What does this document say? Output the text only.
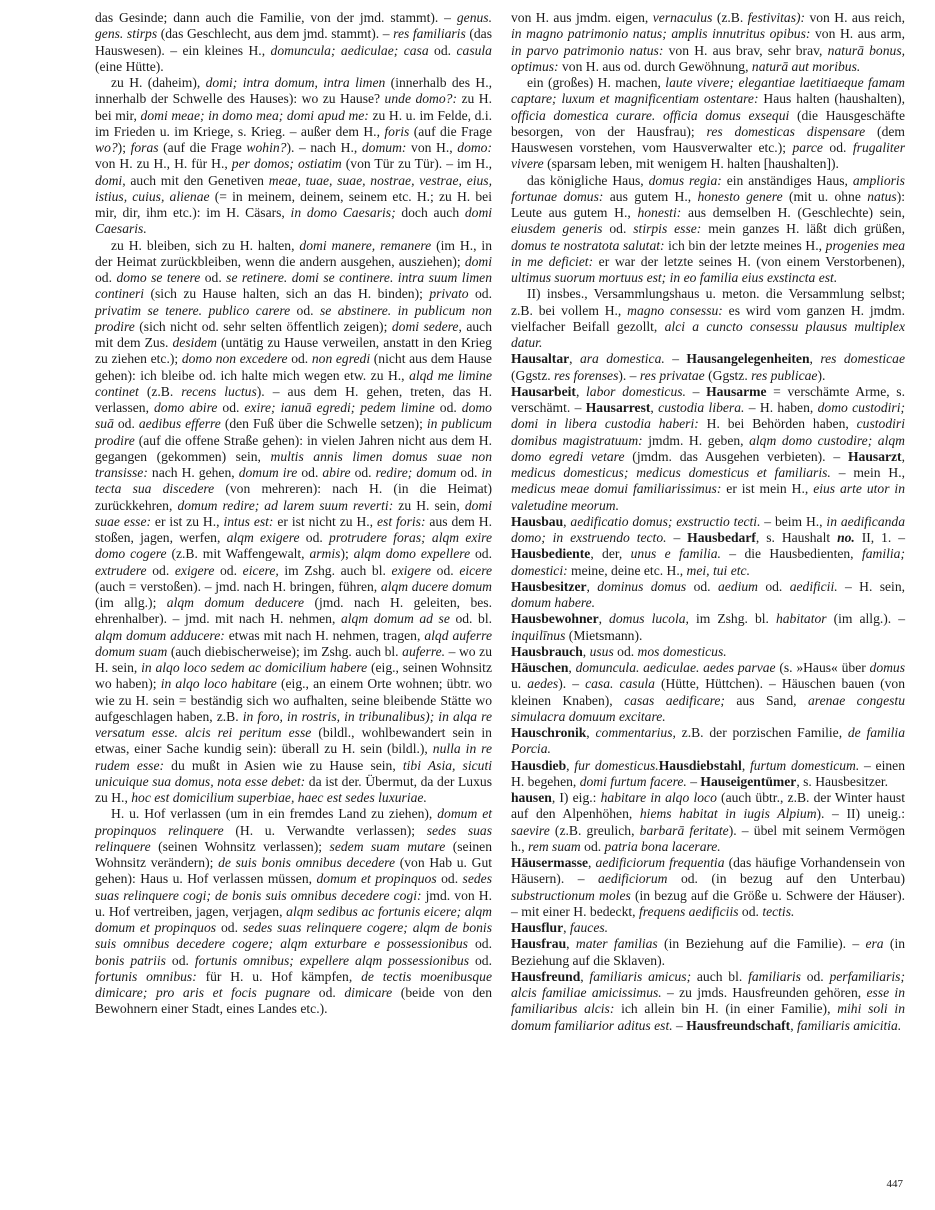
das Gesinde; dann auch die Familie, von der jmd. stammt). – genus. gens. stirps (das Geschlecht, aus dem jmd. stammt). – res familiaris (das Hauswesen). – ein kleines H., domuncula; aediculae; casa od. casula (eine Hütte).

zu H. (daheim), domi; intra domum, intra limen (innerhalb des H., innerhalb der Schwelle des Hauses): wo zu Hause? unde domo?: zu H. bei mir, domi meae; in domo mea; domi apud me: zu H. u. im Felde, d.i. im Frieden u. im Kriege, s. Krieg. – außer dem H., foris (auf die Frage wo?); foras (auf die Frage wohin?). – nach H., domum: von H., domo: von H. zu H., H. für H., per domos; ostiatim (von Tür zu Tür). – im H., domi, auch mit den Genetiven meae, tuae, suae, nostrae, vestrae, eius, istius, cuius, alienae (= in meinem, deinem, seinem etc. H.; zu H. bei mir, dir, ihm etc.): im H. Cäsars, in domo Caesaris; doch auch domi Caesaris.

zu H. bleiben, sich zu H. halten, domi manere, remanere (im H., in der Heimat zurückbleiben, wenn die andern ausgehen, ausziehen); domi od. domo se tenere od. se retinere. domi se continere. intra suum limen contineri (sich zu Hause halten, sich an das H. binden); privato od. privatim se tenere. publico carere od. se abstinere. in publicum non prodire (sich nicht od. sehr selten öffentlich zeigen); domi sedere, auch mit dem Zus. desidem (untätig zu Hause verweilen, anstatt in den Krieg zu ziehen etc.); domo non excedere od. non egredi (nicht aus dem Hause gehen): ich bleibe od. ich halte mich wegen etw. zu H., alqd me limine continet (z.B. recens luctus). – aus dem H. gehen, treten, das H. verlassen, domo abire od. exire; ianuā egredi; pedem limine od. domo suā od. aedibus efferre (den Fuß über die Schwelle setzen); in publicum prodire (auf die offene Straße gehen): in vielen Jahren nicht aus dem H. gegangen (gekommen) sein, multis annis limen domus suae non transisse: nach H. gehen, domum ire od. abire od. redire; domum od. in tecta sua discedere (von mehreren): nach H. (in die Heimat) zurückkehren, domum redire; ad larem suum reverti: zu H. sein, domi suae esse: er ist zu H., intus est: er ist nicht zu H., est foris: aus dem H. stoßen, jagen, werfen, alqm exigere od. protrudere foras; alqm exire domo cogere (z.B. mit Waffengewalt, armis); alqm domo expellere od. extrudere od. exigere od. eicere, im Zshg. auch bl. exigere od. eicere (auch = verstoßen). – jmd. nach H. bringen, führen, alqm ducere domum (im allg.); alqm domum deducere (jmd. nach H. geleiten, bes. ehrenhalber). – jmd. mit nach H. nehmen, alqm domum ad se od. bl. alqm domum adducere: etwas mit nach H. nehmen, tragen, alqd auferre domum suam (auch diebischerweise); im Zshg. auch bl. auferre. – wo zu H. sein, in alqo loco sedem ac domicilium habere (eig., seinen Wohnsitz wo haben); in alqo loco habitare (eig., an einem Orte wohnen; übtr. wo wie zu H. sein = beständig sich wo aufhalten, seine bleibende Stätte wo aufgeschlagen haben, z.B. in foro, in rostris, in tribunalibus); in alqa re versatum esse. alcis rei peritum esse (bildl., wohlbewandert sein in etwas, einer Sache kundig sein): überall zu H. sein (bildl.), nulla in re rudem esse: du mußt in Asien wie zu Hause sein, tibi Asia, sicuti unicuique sua domus, nota esse debet: da ist der. Übermut, da der Luxus zu H., hoc est domicilium superbiae, haec est sedes luxuriae.

H. u. Hof verlassen (um in ein fremdes Land zu ziehen), domum et propinquos relinquere (H. u. Verwandte verlassen); sedes suas relinquere (seinen Wohnsitz verlassen); sedem suam mutare (seinen Wohnsitz verändern); de suis bonis omnibus decedere (von Hab u. Gut gehen): Haus u. Hof verlassen müssen, domum et propinquos od. sedes suas relinquere cogi; de bonis suis omnibus decedere cogi: jmd. von H. u. Hof vertreiben, jagen, verjagen, alqm sedibus ac fortunis eicere; alqm domum et propinquos od. sedes suas relinquere cogere; alqm de bonis suis omnibus decedere cogere; alqm exturbare e possessionibus od. bonis patriis od. fortunis omnibus; expellere alqm possessionibus od. fortunis omnibus: für H. u. Hof kämpfen, de tectis moenibusque dimicare; pro aris et focis pugnare od. dimicare (beide von den Bewohnern einer Stadt, eines Landes etc.).

von H. aus jmdm. eigen, vernaculus (z.B. festivitas): von H. aus reich, in magno patrimonio natus; amplis innutritus opibus: von H. aus arm, in parvo patrimonio natus: von H. aus brav, sehr brav, naturā bonus, optimus: von H. aus od. durch Gewöhnung, naturā aut moribus.

ein (großes) H. machen, laute vivere; elegantiae laetitiaeque famam captare; luxum et magnificentiam ostentare: Haus halten (haushalten), officia domestica curare. officia domus exsequi (die Hausgeschäfte besorgen, von der Hausfrau); res domesticas dispensare (dem Hauswesen vorstehen, vom Hausverwalter etc.); parce od. frugaliter vivere (sparsam leben, mit wenigem H. halten [haushalten]).

das königliche Haus, domus regia: ein anständiges Haus, amplioris fortunae domus: aus gutem H., honesto genere (mit u. ohne natus): Leute aus gutem H., honesti: aus demselben H. (Geschlechte) sein, eiusdem generis od. stirpis esse: mein ganzes H. läßt dich grüßen, domus te nostratota salutat: ich bin der letzte meines H., progenies mea in me deficiet: er war der letzte seines H. (von einem Verstorbenen), ultimus suorum mortuus est; in eo familia eius exstincta est.

II) insbes., Versammlungshaus u. meton. die Versammlung selbst; z.B. bei vollem H., magno consessu: es wird vom ganzen H. jmdm. vielfacher Beifall gezollt, alci a cuncto consessu plausus multiplex datur.

Hausaltar, ara domestica. – Hausangelegenheiten, res domesticae (Ggstz. res forenses). – res privatae (Ggstz. res publicae).

Hausarbeit, labor domesticus. – Hausarme = verschämte Arme, s. verschämt. – Hausarrest, custodia libera. – H. haben, domo custodiri; domi in libera custodia haberi: H. bei Behörden haben, custodiri domibus magistratuum: jmdm. H. geben, alqm domo custodire; alqm domo egredi vetare (jmdm. das Ausgehen verbieten). – Hausarzt, medicus domesticus; medicus domesticus et familiaris. – mein H., medicus meae domui familiarissimus: er ist mein H., eius arte utor in valetudine meorum.

Hausbau, aedificatio domus; exstructio tecti. – beim H., in aedificanda domo; in exstruendo tecto. – Hausbedarf, s. Haushalt no. II, 1. – Hausbediente, der, unus e familia. – die Hausbedienten, familia; domestici: meine, deine etc. H., mei, tui etc.

Hausbesitzer, dominus domus od. aedium od. aedificii. – H. sein, domum habere.

Hausbewohner, domus lucola, im Zshg. bl. habitator (im allg.). – inquilīnus (Mietsmann).

Hausbrauch, usus od. mos domesticus.

Häuschen, domuncula. aediculae. aedes parvae (s. »Haus« über domus u. aedes). – casa. casula (Hütte, Hüttchen). – Häuschen bauen (von kleinen Knaben), casas aedificare; aus Sand, arenae congestu simulacra domuum excitare.

Hauschronik, commentarius, z.B. der porzischen Familie, de familia Porcia.

Hausdieb, fur domesticus.Hausdiebstahl, furtum domesticum. – einen H. begehen, domi furtum facere. – Hauseigentümer, s. Hausbesitzer.

hausen, I) eig.: habitare in alqo loco (auch übtr., z.B. der Winter haust auf den Alpenhöhen, hiems habitat in iugis Alpium). – II) uneig.: saevire (z.B. greulich, barbarā feritate). – übel mit seinem Vermögen h., rem suam od. patria bona lacerare.

Häusermasse, aedificiorum frequentia (das häufige Vorhandensein von Häusern). – aedificiorum od. (in bezug auf den Unterbau) substructionum moles (in bezug auf die Größe u. Schwere der Häuser). – mit einer H. bedeckt, frequens aedificiis od. tectis.

Hausflur, fauces.

Hausfrau, mater familias (in Beziehung auf die Familie). – era (in Beziehung auf die Sklaven).

Hausfreund, familiaris amicus; auch bl. familiaris od. perfamiliaris; alcis familiae amicissimus. – zu jmds. Hausfreunden gehören, esse in familiaribus alcis: ich allein bin H. (in einer Familie), mihi soli in domum familiarior aditus est. – Hausfreundschaft, familiaris amicitia.

447
